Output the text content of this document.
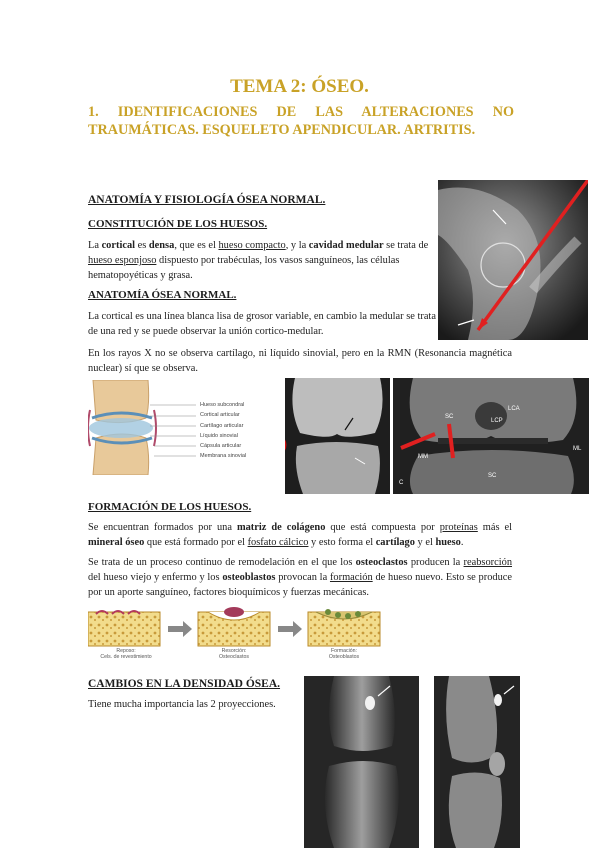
TEMA 2: ÓSEO.
1. IDENTIFICACIONES DE LAS ALTERACIONES NO TRAUMÁTICAS. ESQUELETO APENDICULAR. ARTRITIS.
ANATOMÍA Y FISIOLOGÍA ÓSEA NORMAL.
CONSTITUCIÓN DE LOS HUESOS.
La cortical es densa, que es el hueso compacto, y la cavidad medular se trata de hueso esponjoso dispuesto por trabéculas, los vasos sanguíneos, las células hematopoyéticas y grasa.
ANATOMÍA ÓSEA NORMAL.
La cortical es una línea blanca lisa de grosor variable, en cambio la medular se trata de una red y se puede observar la unión cortico-medular.
En los rayos X no se observa cartílago, ni líquido sinovial, pero en la RMN (Resonancia magnética nuclear) sí que se observa.
Hueso subcondral
Cortical articular
Cartílago articular
Líquido sinovial
Cápsula articular
Membrana sinovial
LCA
LCP
SC
SC
MM
ML
C
FORMACIÓN DE LOS HUESOS.
Se encuentran formados por una matriz de colágeno que está compuesta por proteínas más el mineral óseo que está formado por el fosfato cálcico y esto forma el cartílago y el hueso.
Se trata de un proceso continuo de remodelación en el que los osteoclastos producen la reabsorción del hueso viejo y enfermo y los osteoblastos provocan la formación de hueso nuevo. Esto se produce por un aporte sanguíneo, factores bioquímicos y fuerzas mecánicas.
Reposo:
Cels. de revestimiento
Resorción:
Osteoclastos
Formación:
Osteoblastos
CAMBIOS EN LA DENSIDAD ÓSEA.
Tiene mucha importancia las 2 proyecciones.
